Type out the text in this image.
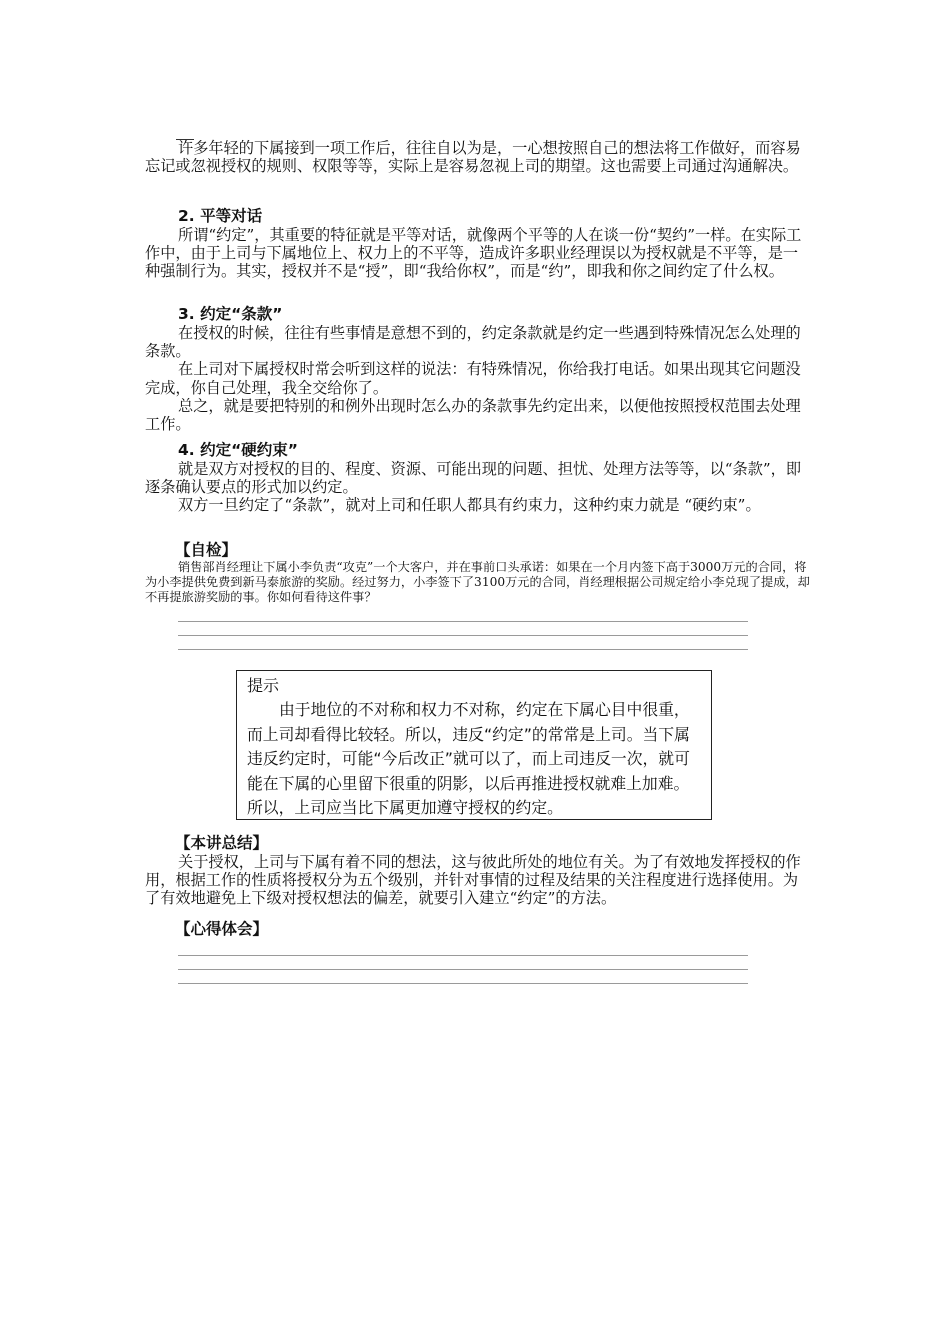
许多年轻的下属接到一项工作后，往往自以为是，一心想按照自己的想法将工作做好，而容易忘记或忽视授权的规则、权限等等，实际上是容易忽视上司的期望。这也需要上司通过沟通解决。

2. 平等对话

所谓“约定”，其重要的特征就是平等对话，就像两个平等的人在谈一份“契约”一样。在实际工作中，由于上司与下属地位上、权力上的不平等，造成许多职业经理误以为授权就是不平等，是一种强制行为。其实，授权并不是“授”，即“我给你权”，而是“约”，即我和你之间约定了什么权。

3. 约定“条款”

在授权的时候，往往有些事情是意想不到的，约定条款就是约定一些遇到特殊情况怎么处理的条款。

在上司对下属授权时常会听到这样的说法：有特殊情况，你给我打电话。如果出现其它问题没完成，你自己处理，我全交给你了。

总之，就是要把特别的和例外出现时怎么办的条款事先约定出来，以便他按照授权范围去处理工作。

4. 约定“硬约束”

就是双方对授权的目的、程度、资源、可能出现的问题、担忧、处理方法等等，以“条款”，即逐条确认要点的形式加以约定。

双方一旦约定了“条款”，就对上司和任职人都具有约束力，这种约束力就是 “硬约束”。

【自检】

销售部肖经理让下属小李负责“攻克”一个大客户，并在事前口头承诺：如果在一个月内签下高于3000万元的合同，将为小李提供免费到新马泰旅游的奖励。经过努力，小李签下了3100万元的合同，肖经理根据公司规定给小李兑现了提成，却不再提旅游奖励的事。你如何看待这件事？

提示

由于地位的不对称和权力不对称，约定在下属心目中很重，而上司却看得比较轻。所以，违反“约定”的常常是上司。当下属违反约定时，可能“今后改正”就可以了，而上司违反一次，就可能在下属的心里留下很重的阴影，以后再推进授权就难上加难。所以，上司应当比下属更加遵守授权的约定。

【本讲总结】

关于授权，上司与下属有着不同的想法，这与彼此所处的地位有关。为了有效地发挥授权的作用，根据工作的性质将授权分为五个级别，并针对事情的过程及结果的关注程度进行选择使用。为了有效地避免上下级对授权想法的偏差，就要引入建立“约定”的方法。

【心得体会】
